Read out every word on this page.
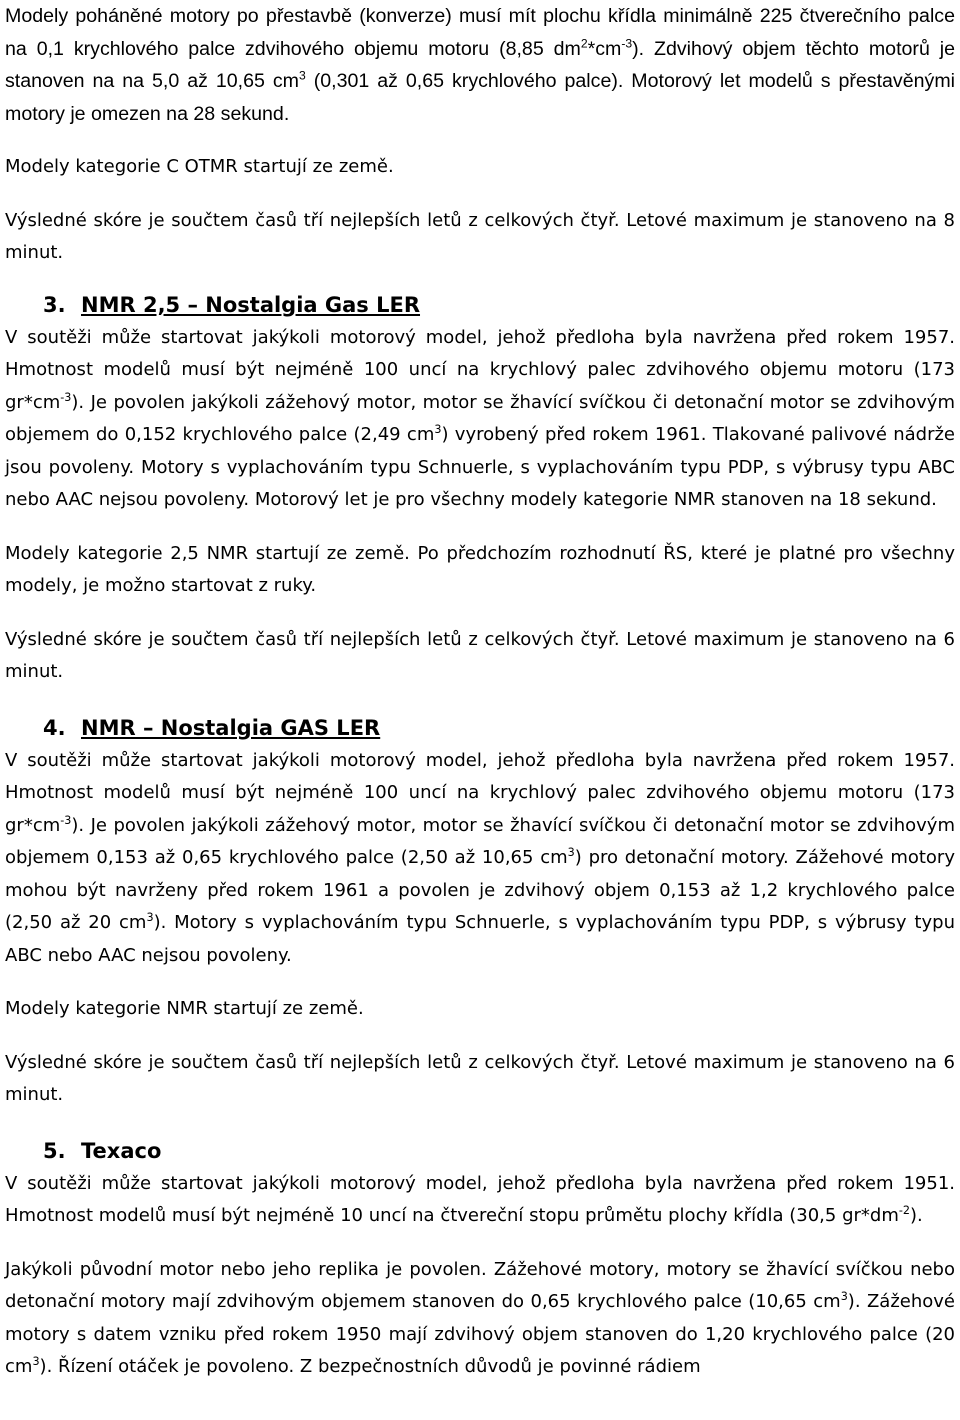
Modely poháněné motory po přestavbě (konverze) musí mít plochu křídla minimálně 225 čtverečního palce na 0,1 krychlového palce zdvihového objemu motoru (8,85 $dm^2*cm^{-3}$). Zdvihový objem těchto motorů je stanoven na na 5,0 až 10,65 $cm^3$ (0,301 až 0,65 krychlového palce). Motorový let modelů s přestavěnými motory je omezen na 28 sekund.

Modely kategorie C OTMR startují ze země.

Výsledné skóre je součtem časů tří nejlepších letů z celkových čtyř. Letové maximum je stanoveno na 8 minut.

3. NMR 2,5 – Nostalgia Gas LER

V soutěži může startovat jakýkoli motorový model, jehož předloha byla navržena před rokem 1957. Hmotnost modelů musí být nejméně 100 uncí na krychlový palec zdvihového objemu motoru (173 $gr*cm^{-3}$). Je povolen jakýkoli zážehový motor, motor se žhavící svíčkou či detonační motor se zdvihovým objemem do 0,152 krychlového palce (2,49 $cm^3$) vyrobený před rokem 1961. Tlakované palivové nádrže jsou povoleny. Motory s vyplachováním typu Schnuerle, s vyplachováním typu PDP, s výbrusy typu ABC nebo AAC nejsou povoleny. Motorový let je pro všechny modely kategorie NMR stanoven na 18 sekund.

Modely kategorie 2,5 NMR startují ze země. Po předchozím rozhodnutí ŘS, které je platné pro všechny modely, je možno startovat z ruky.

Výsledné skóre je součtem časů tří nejlepších letů z celkových čtyř. Letové maximum je stanoveno na 6 minut.

4. NMR – Nostalgia GAS LER

V soutěži může startovat jakýkoli motorový model, jehož předloha byla navržena před rokem 1957. Hmotnost modelů musí být nejméně 100 uncí na krychlový palec zdvihového objemu motoru (173 $gr*cm^{-3}$). Je povolen jakýkoli zážehový motor, motor se žhavící svíčkou či detonační motor se zdvihovým objemem 0,153 až 0,65 krychlového palce (2,50 až 10,65 $cm^3$) pro detonační motory. Zážehové motory mohou být navrženy před rokem 1961 a povolen je zdvihový objem 0,153 až 1,2 krychlového palce (2,50 až 20 $cm^3$). Motory s vyplachováním typu Schnuerle, s vyplachováním typu PDP, s výbrusy typu ABC nebo AAC nejsou povoleny.

Modely kategorie NMR startují ze země.

Výsledné skóre je součtem časů tří nejlepších letů z celkových čtyř. Letové maximum je stanoveno na 6 minut.

5. Texaco

V soutěži může startovat jakýkoli motorový model, jehož předloha byla navržena před rokem 1951. Hmotnost modelů musí být nejméně 10 uncí na čtvereční stopu průmětu plochy křídla (30,5 $gr*dm^{-2}$).

Jakýkoli původní motor nebo jeho replika je povolen. Zážehové motory, motory se žhavící svíčkou nebo detonační motory mají zdvihovým objemem stanoven do 0,65 krychlového palce (10,65 $cm^3$). Zážehové motory s datem vzniku před rokem 1950 mají zdvihový objem stanoven do 1,20 krychlového palce (20 $cm^3$). Řízení otáček je povoleno. Z bezpečnostních důvodů je povinné rádiem
